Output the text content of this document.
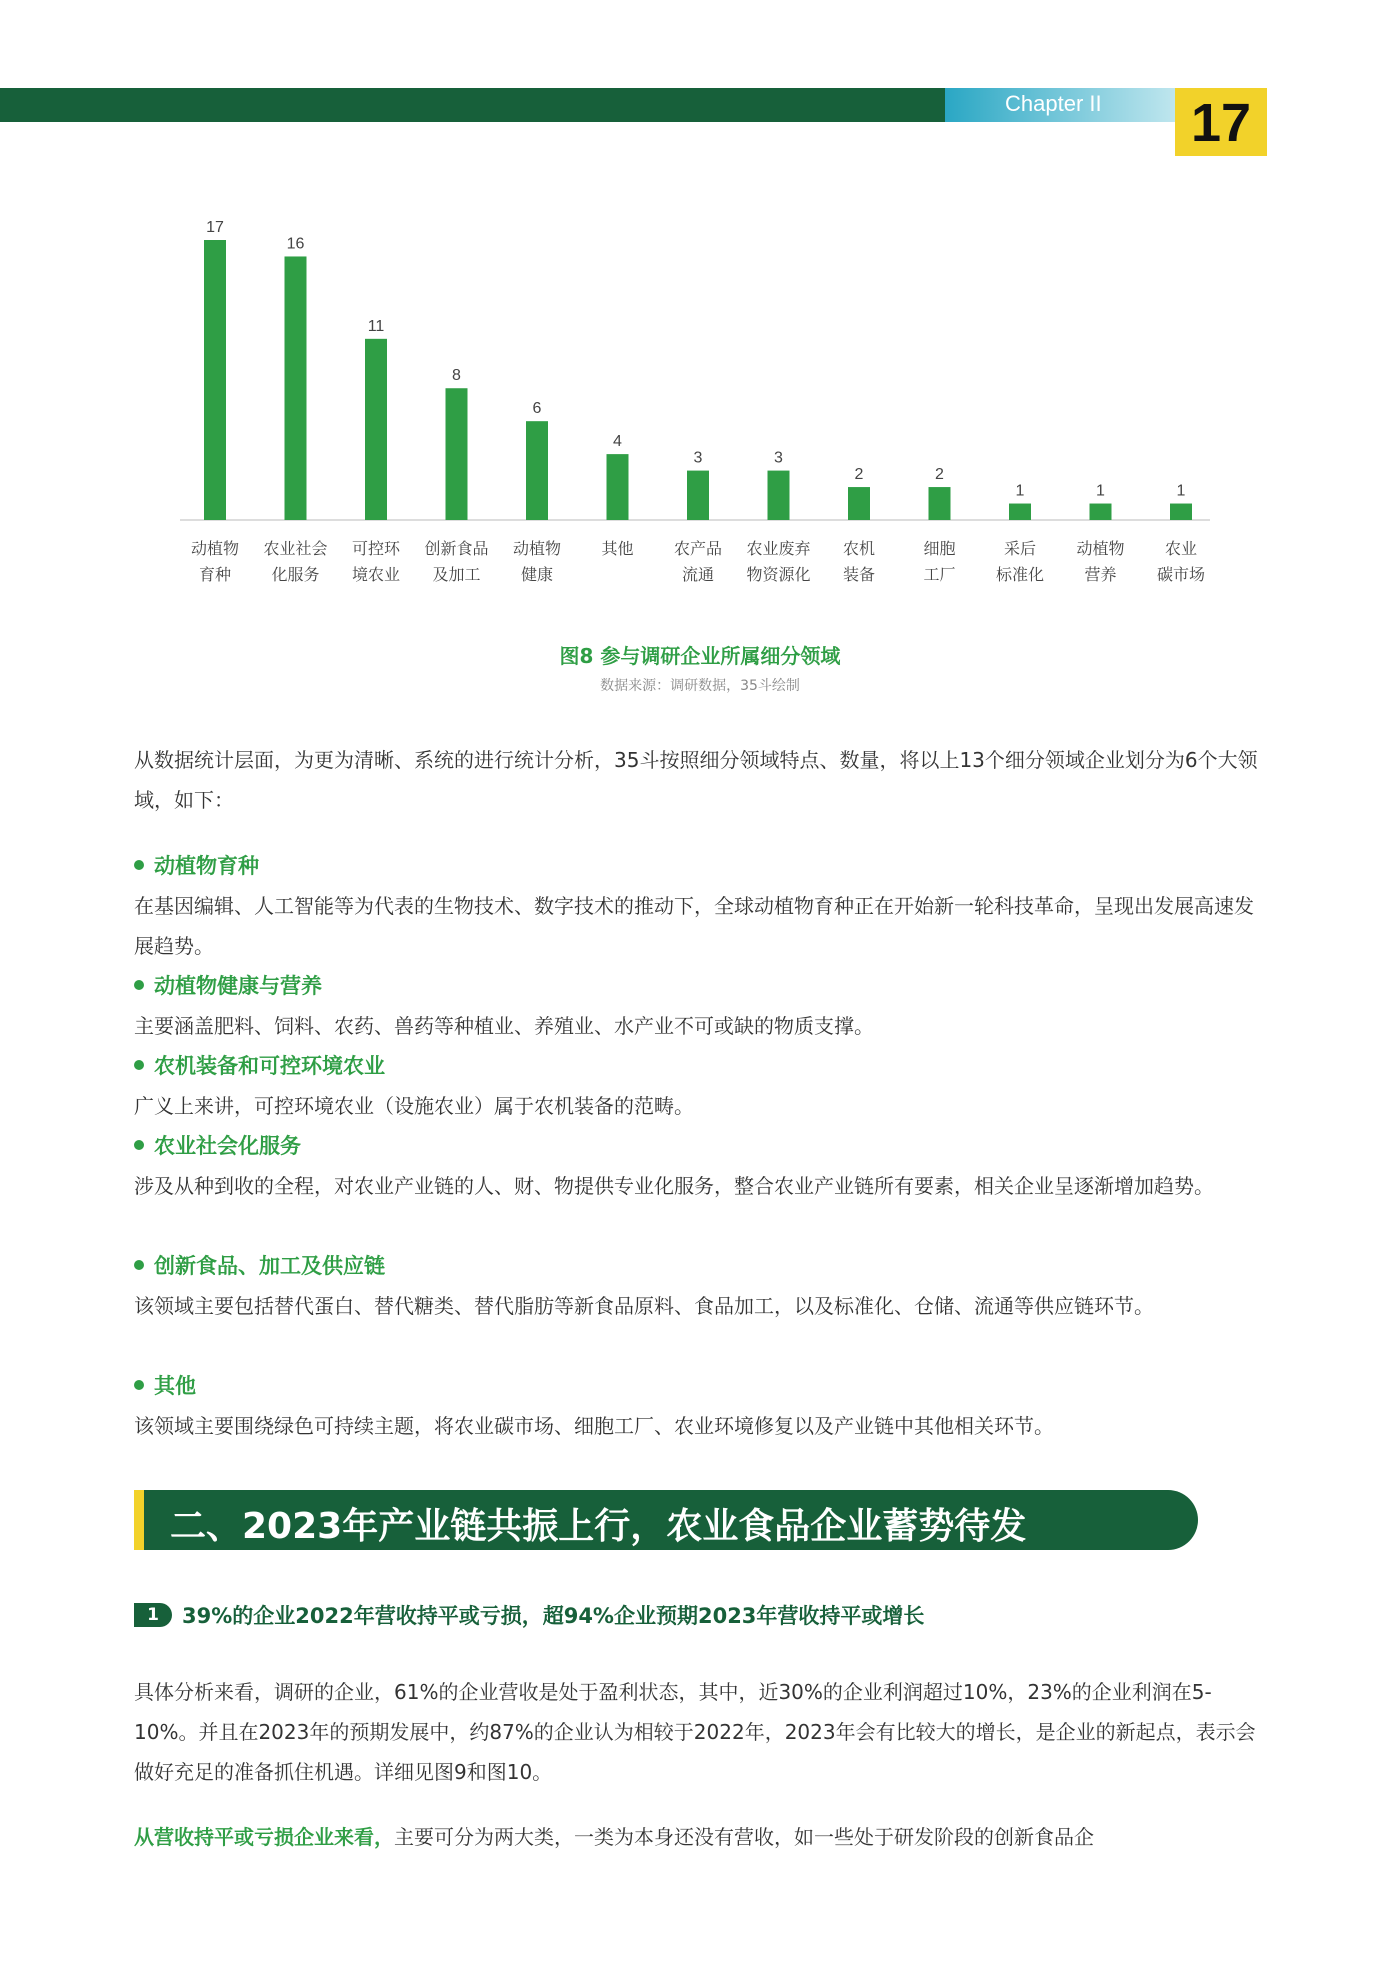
Chapter II 17
17
动植物
育种
16
农业社会
化服务
11
可控环
境农业
8
创新食品
及加工
6
动植物
健康
4
其他
3
农产品
流通
3
农业废弃
物资源化
2
农机
装备
2
细胞
工厂
1
采后
标准化
1
动植物
营养
1
农业
碳市场
图8 参与调研企业所属细分领域
数据来源：调研数据，35斗绘制
从数据统计层面，为更为清晰、系统的进行统计分析，35斗按照细分领域特点、数量，将以上13个细分领域企业划分为6个大领域，如下：
动植物育种
在基因编辑、人工智能等为代表的生物技术、数字技术的推动下，全球动植物育种正在开始新一轮科技革命，呈现出发展高速发展趋势。
动植物健康与营养
主要涵盖肥料、饲料、农药、兽药等种植业、养殖业、水产业不可或缺的物质支撑。
农机装备和可控环境农业
广义上来讲，可控环境农业（设施农业）属于农机装备的范畴。
农业社会化服务
涉及从种到收的全程，对农业产业链的人、财、物提供专业化服务，整合农业产业链所有要素，相关企业呈逐渐增加趋势。
创新食品、加工及供应链
该领域主要包括替代蛋白、替代糖类、替代脂肪等新食品原料、食品加工，以及标准化、仓储、流通等供应链环节。
其他
该领域主要围绕绿色可持续主题，将农业碳市场、细胞工厂、农业环境修复以及产业链中其他相关环节。
二、2023年产业链共振上行，农业食品企业蓄势待发
1 39%的企业2022年营收持平或亏损，超94%企业预期2023年营收持平或增长
具体分析来看，调研的企业，61%的企业营收是处于盈利状态，其中，近30%的企业利润超过10%，23%的企业利润在5-10%。并且在2023年的预期发展中，约87%的企业认为相较于2022年，2023年会有比较大的增长，是企业的新起点，表示会做好充足的准备抓住机遇。详细见图9和图10。
从营收持平或亏损企业来看，主要可分为两大类，一类为本身还没有营收，如一些处于研发阶段的创新食品企
